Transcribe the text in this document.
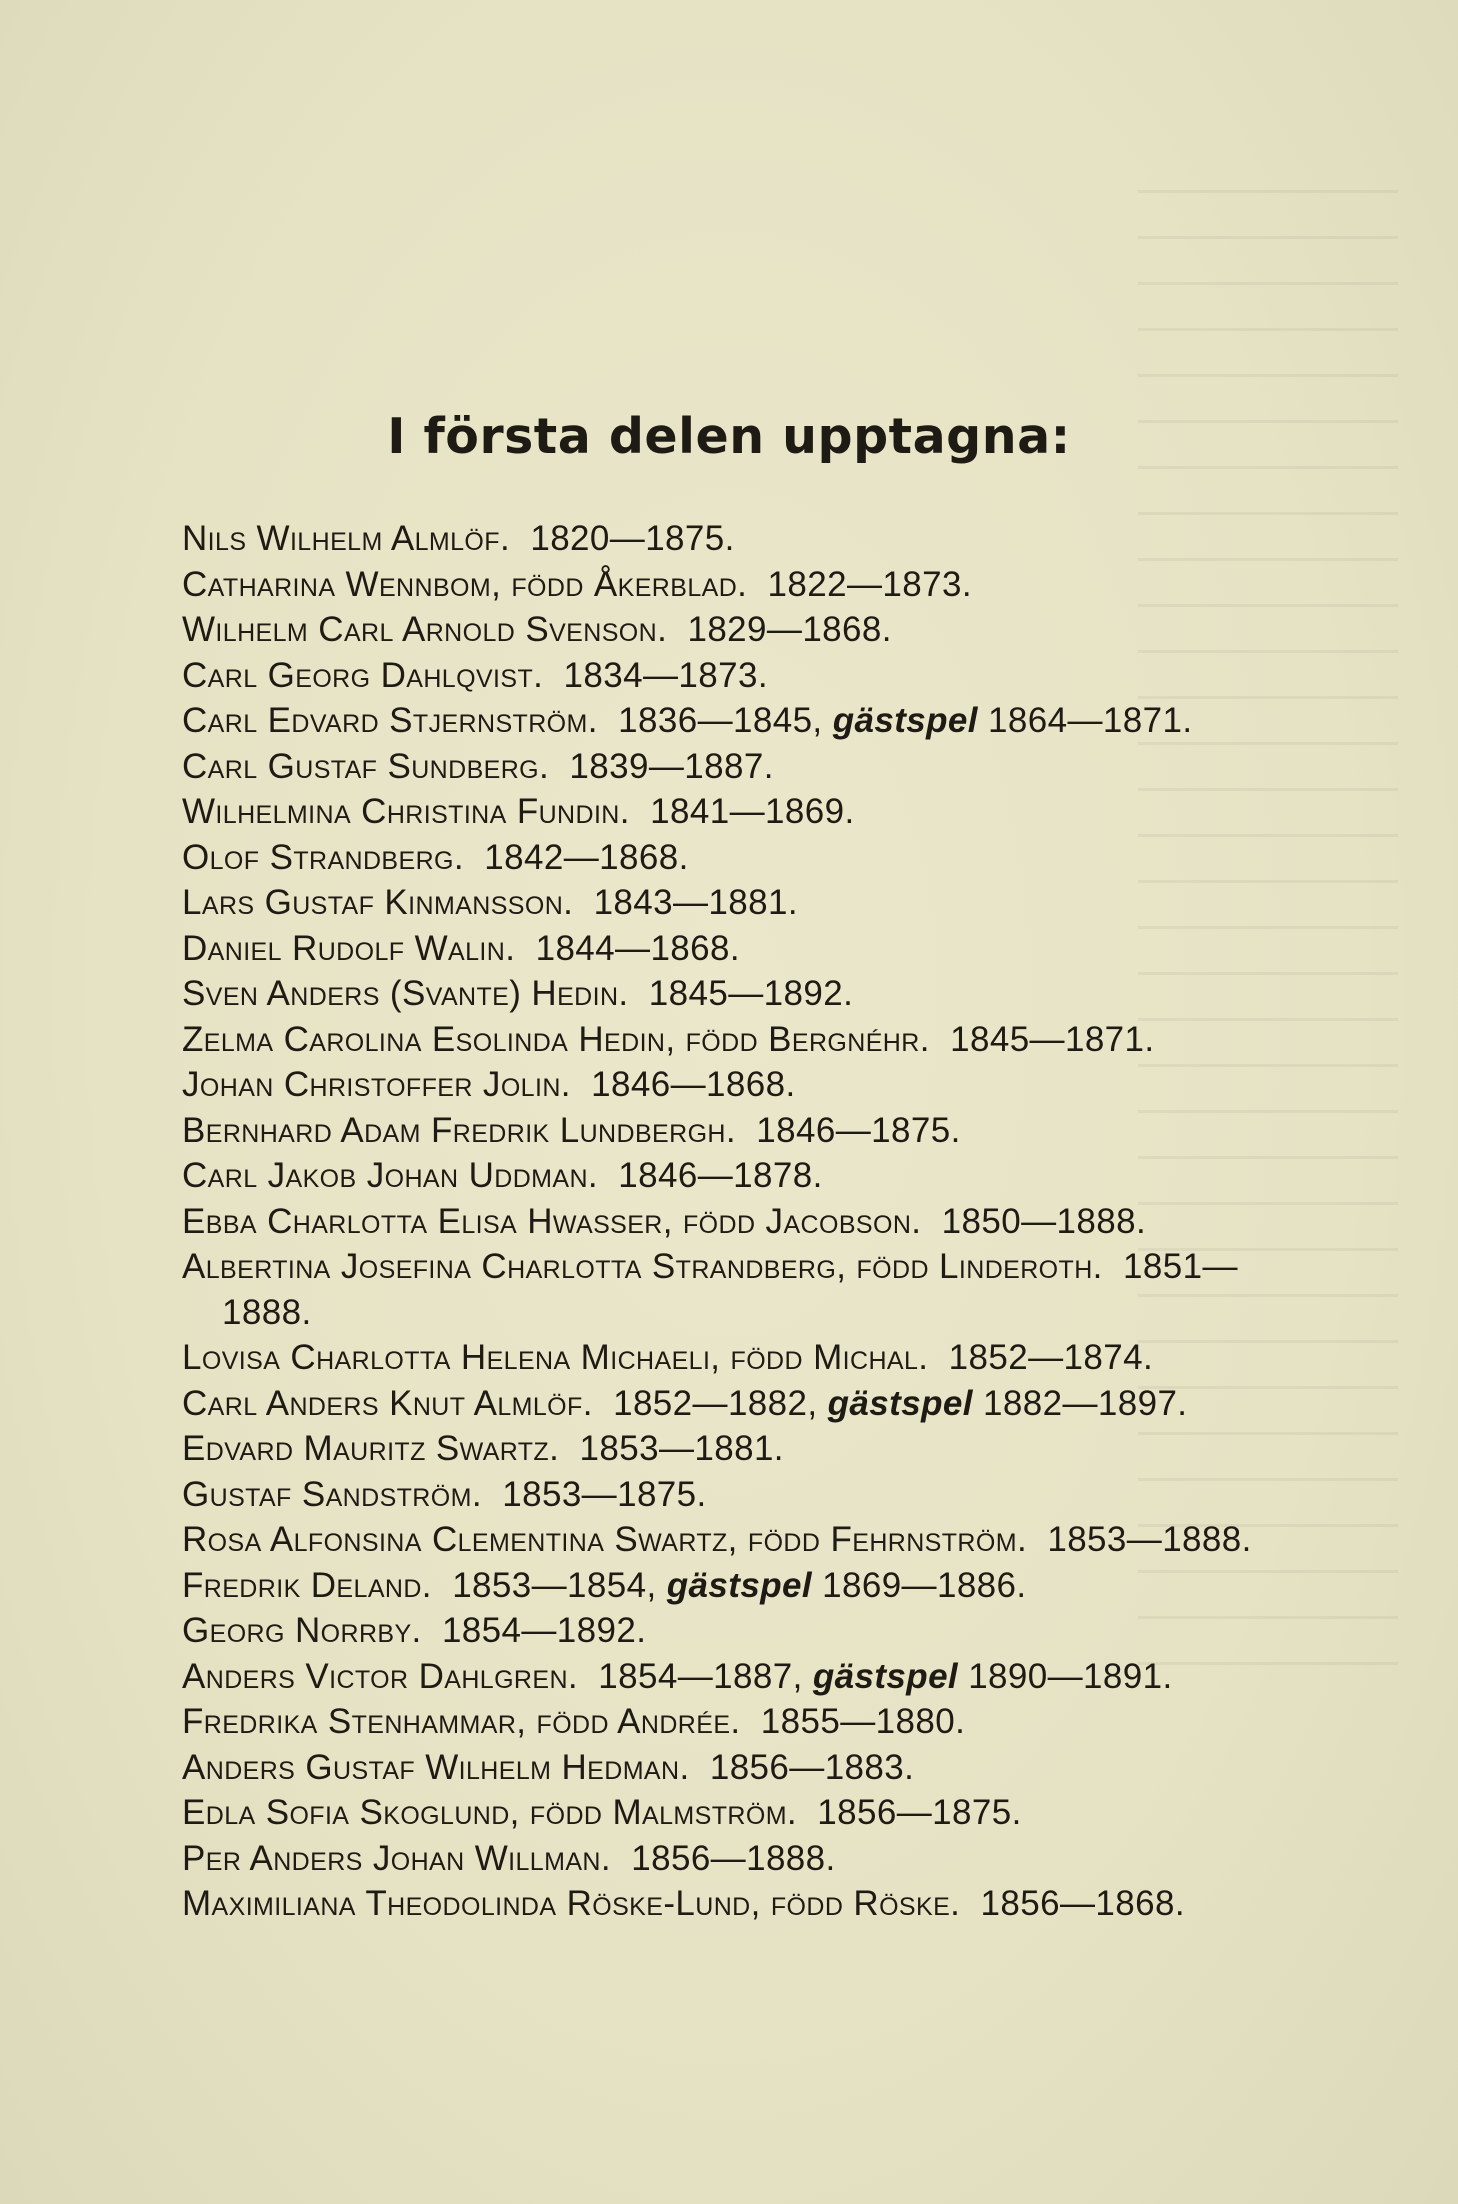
I första delen upptagna:
Nils Wilhelm Almlöf. 1820—1875.
Catharina Wennbom, född Åkerblad. 1822—1873.
Wilhelm Carl Arnold Svenson. 1829—1868.
Carl Georg Dahlqvist. 1834—1873.
Carl Edvard Stjernström. 1836—1845, gästspel 1864—1871.
Carl Gustaf Sundberg. 1839—1887.
Wilhelmina Christina Fundin. 1841—1869.
Olof Strandberg. 1842—1868.
Lars Gustaf Kinmansson. 1843—1881.
Daniel Rudolf Walin. 1844—1868.
Sven Anders (Svante) Hedin. 1845—1892.
Zelma Carolina Esolinda Hedin, född Bergnéhr. 1845—1871.
Johan Christoffer Jolin. 1846—1868.
Bernhard Adam Fredrik Lundbergh. 1846—1875.
Carl Jakob Johan Uddman. 1846—1878.
Ebba Charlotta Elisa Hwasser, född Jacobson. 1850—1888.
Albertina Josefina Charlotta Strandberg, född Linderoth. 1851—1888.
Lovisa Charlotta Helena Michaeli, född Michal. 1852—1874.
Carl Anders Knut Almlöf. 1852—1882, gästspel 1882—1897.
Edvard Mauritz Swartz. 1853—1881.
Gustaf Sandström. 1853—1875.
Rosa Alfonsina Clementina Swartz, född Fehrnström. 1853—1888.
Fredrik Deland. 1853—1854, gästspel 1869—1886.
Georg Norrby. 1854—1892.
Anders Victor Dahlgren. 1854—1887, gästspel 1890—1891.
Fredrika Stenhammar, född Andrée. 1855—1880.
Anders Gustaf Wilhelm Hedman. 1856—1883.
Edla Sofia Skoglund, född Malmström. 1856—1875.
Per Anders Johan Willman. 1856—1888.
Maximiliana Theodolinda Röske-Lund, född Röske. 1856—1868.
